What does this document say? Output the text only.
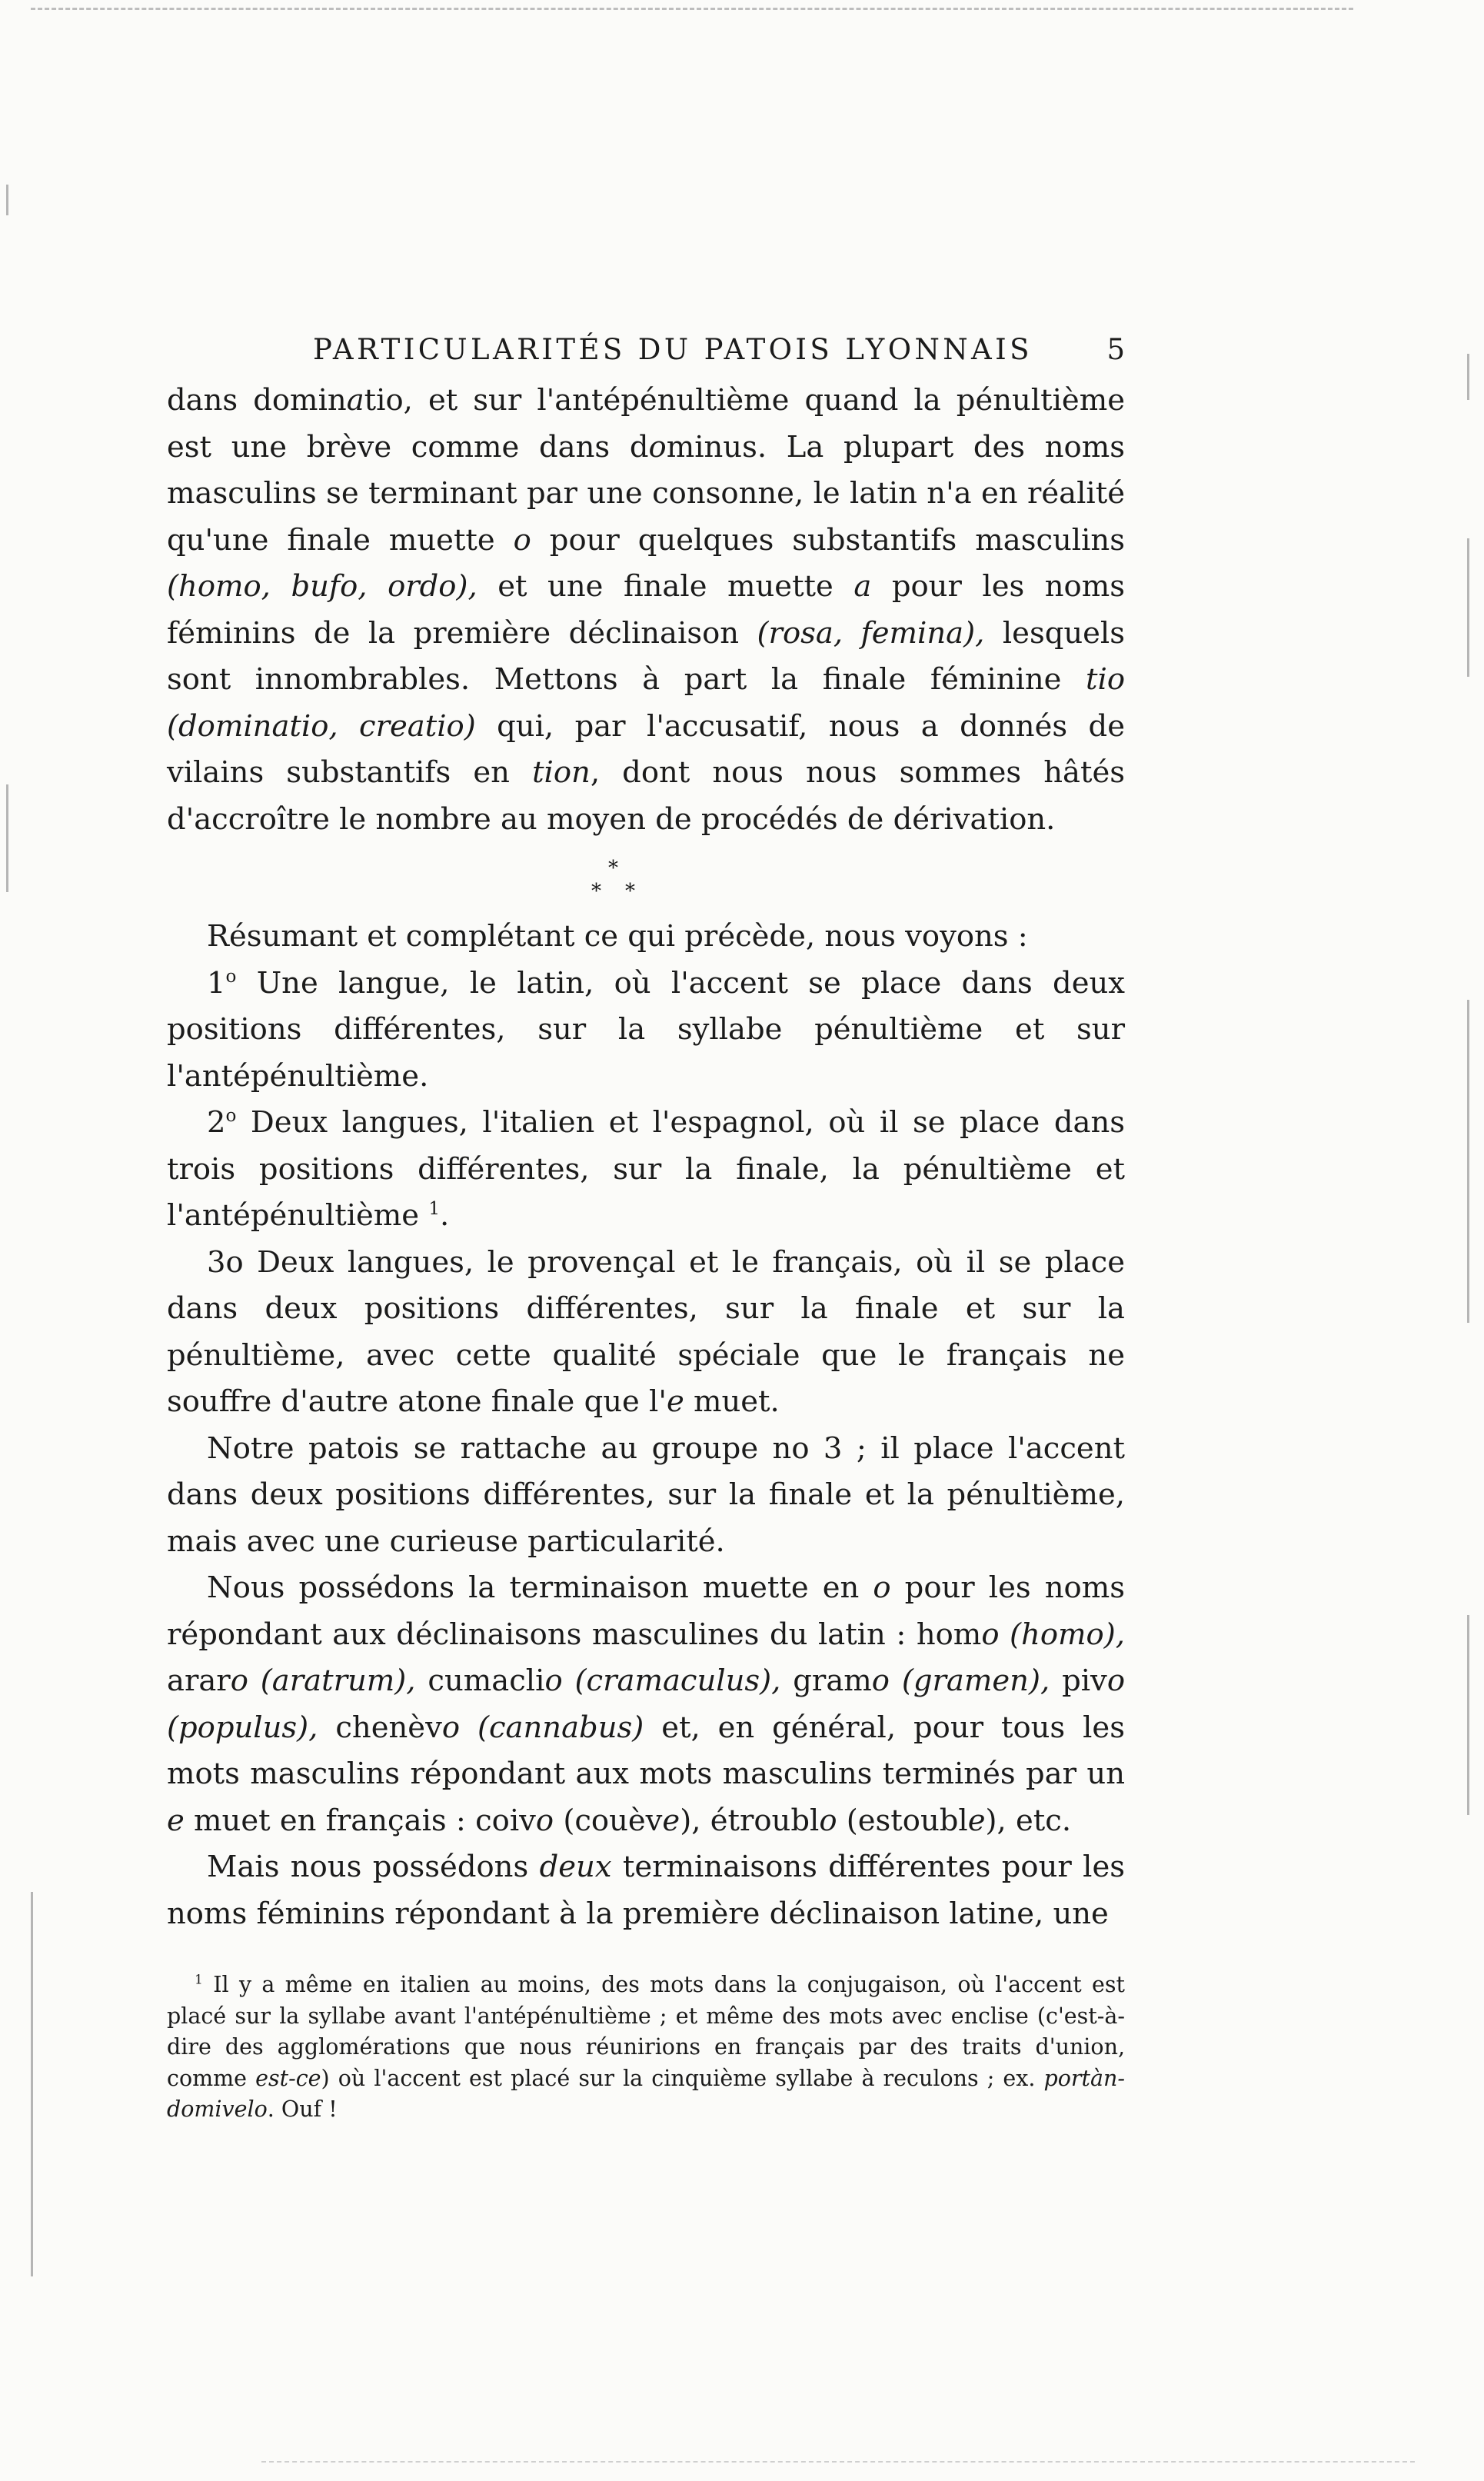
PARTICULARITÉS DU PATOIS LYONNAIS	5

dans dominatio, et sur l'antépénultième quand la pénultième est une brève comme dans dominus. La plupart des noms masculins se terminant par une consonne, le latin n'a en réalité qu'une finale muette o pour quelques substantifs masculins (homo, bufo, ordo), et une finale muette a pour les noms féminins de la première déclinaison (rosa, femina), lesquels sont innombrables. Mettons à part la finale féminine tio (dominatio, creatio) qui, par l'accusatif, nous a donnés de vilains substantifs en tion, dont nous nous sommes hâtés d'accroître le nombre au moyen de procédés de dérivation.

*
* *

Résumant et complétant ce qui précède, nous voyons :

1$^o$ Une langue, le latin, où l'accent se place dans deux positions différentes, sur la syllabe pénultième et sur l'antépénultième.

2$^o$ Deux langues, l'italien et l'espagnol, où il se place dans trois positions différentes, sur la finale, la pénultième et l'antépénultième $^1$.

3o Deux langues, le provençal et le français, où il se place dans deux positions différentes, sur la finale et sur la pénultième, avec cette qualité spéciale que le français ne souffre d'autre atone finale que l'e muet.

Notre patois se rattache au groupe no 3 ; il place l'accent dans deux positions différentes, sur la finale et la pénultième, mais avec une curieuse particularité.

Nous possédons la terminaison muette en o pour les noms répondant aux déclinaisons masculines du latin : homo (homo), araro (aratrum), cumaclio (cramaculus), gramo (gramen), pivo (populus), chenèvo (cannabus) et, en général, pour tous les mots masculins répondant aux mots masculins terminés par un e muet en français : coivo (couève), étroublo (estouble), etc.

Mais nous possédons deux terminaisons différentes pour les noms féminins répondant à la première déclinaison latine, une

$^1$ Il y a même en italien au moins, des mots dans la conjugaison, où l'accent est placé sur la syllabe avant l'antépénultième ; et même des mots avec enclise (c'est-à-dire des agglomérations que nous réunirions en français par des traits d'union, comme est-ce) où l'accent est placé sur la cinquième syllabe à reculons ; ex. portàn-domivelo. Ouf !
